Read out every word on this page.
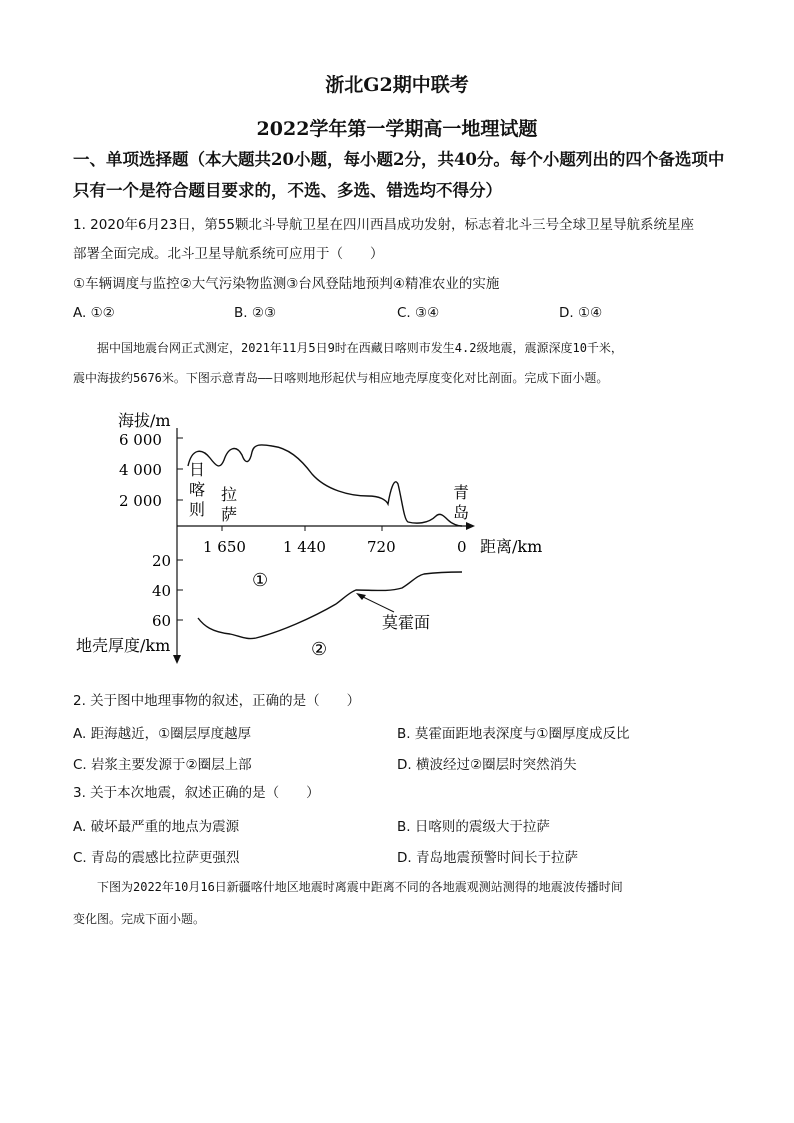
浙北G2期中联考
2022学年第一学期高一地理试题
一、单项选择题（本大题共20小题，每小题2分，共40分。每个小题列出的四个备选项中
只有一个是符合题目要求的，不选、多选、错选均不得分）
1. 2020年6月23日，第55颗北斗导航卫星在四川西昌成功发射，标志着北斗三号全球卫星导航系统星座
部署全面完成。北斗卫星导航系统可应用于（　　）
①车辆调度与监控②大气污染物监测③台风登陆地预判④精准农业的实施
A. ①②	B. ②③	C. ③④	D. ①④
据中国地震台网正式测定，2021年11月5日9时在西藏日喀则市发生4.2级地震，震源深度10千米，
震中海拔约5676米。下图示意青岛——日喀则地形起伏与相应地壳厚度变化对比剖面。完成下面小题。
海拔/m
6 000
4 000
2 000
1 650 1 440	720	0 距离/km
20
40
60
地壳厚度/km
日喀则
拉萨
青岛
莫霍面
①
②
2. 关于图中地理事物的叙述，正确的是（　　）
A. 距海越近，①圈层厚度越厚	B. 莫霍面距地表深度与①圈厚度成反比
C. 岩浆主要发源于②圈层上部	D. 横波经过②圈层时突然消失
3. 关于本次地震，叙述正确的是（　　）
A. 破坏最严重的地点为震源	B. 日喀则的震级大于拉萨
C. 青岛的震感比拉萨更强烈	D. 青岛地震预警时间长于拉萨
下图为2022年10月16日新疆喀什地区地震时离震中距离不同的各地震观测站测得的地震波传播时间
变化图。完成下面小题。
